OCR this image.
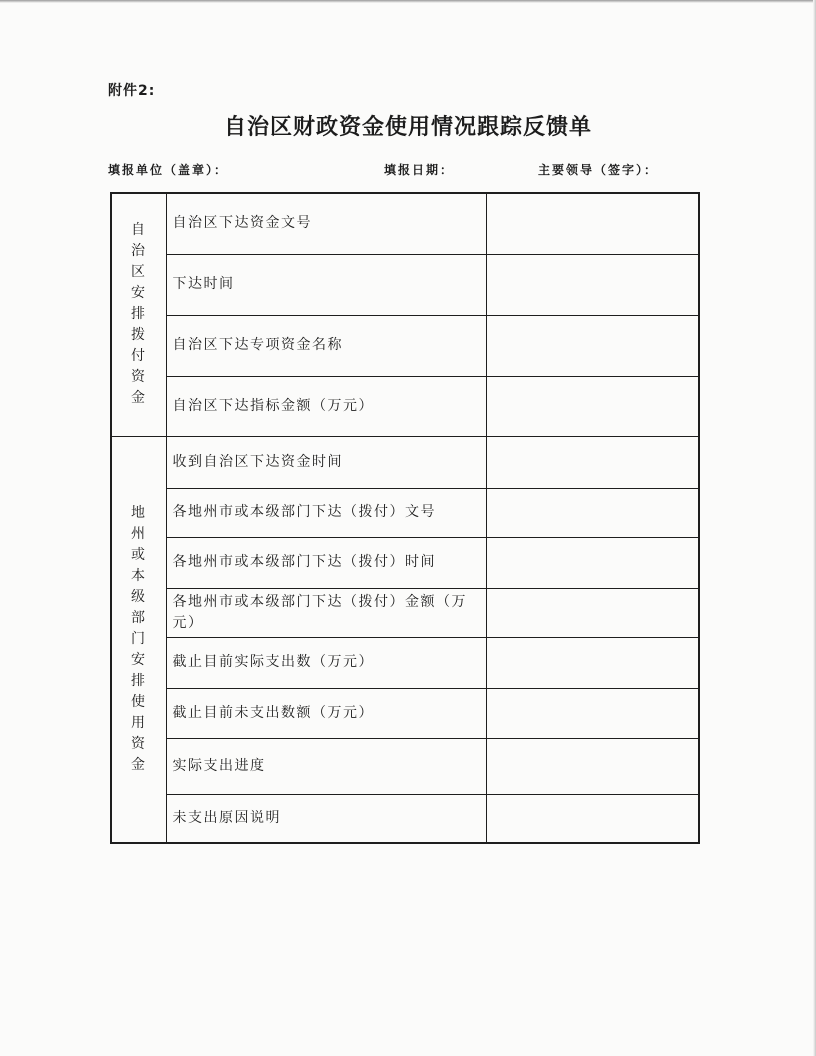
附件2:
自治区财政资金使用情况跟踪反馈单
填报单位（盖章）：	填报日期：	主要领导（签字）：
自治区安排拨付资金	自治区下达资金文号	
	下达时间	
	自治区下达专项资金名称	
	自治区下达指标金额（万元）	
地州或本级部门安排使用资金	收到自治区下达资金时间	
	各地州市或本级部门下达（拨付）文号	
	各地州市或本级部门下达（拨付）时间	
	各地州市或本级部门下达（拨付）金额（万元）	
	截止目前实际支出数（万元）	
	截止目前未支出数额（万元）	
	实际支出进度	
	未支出原因说明	
